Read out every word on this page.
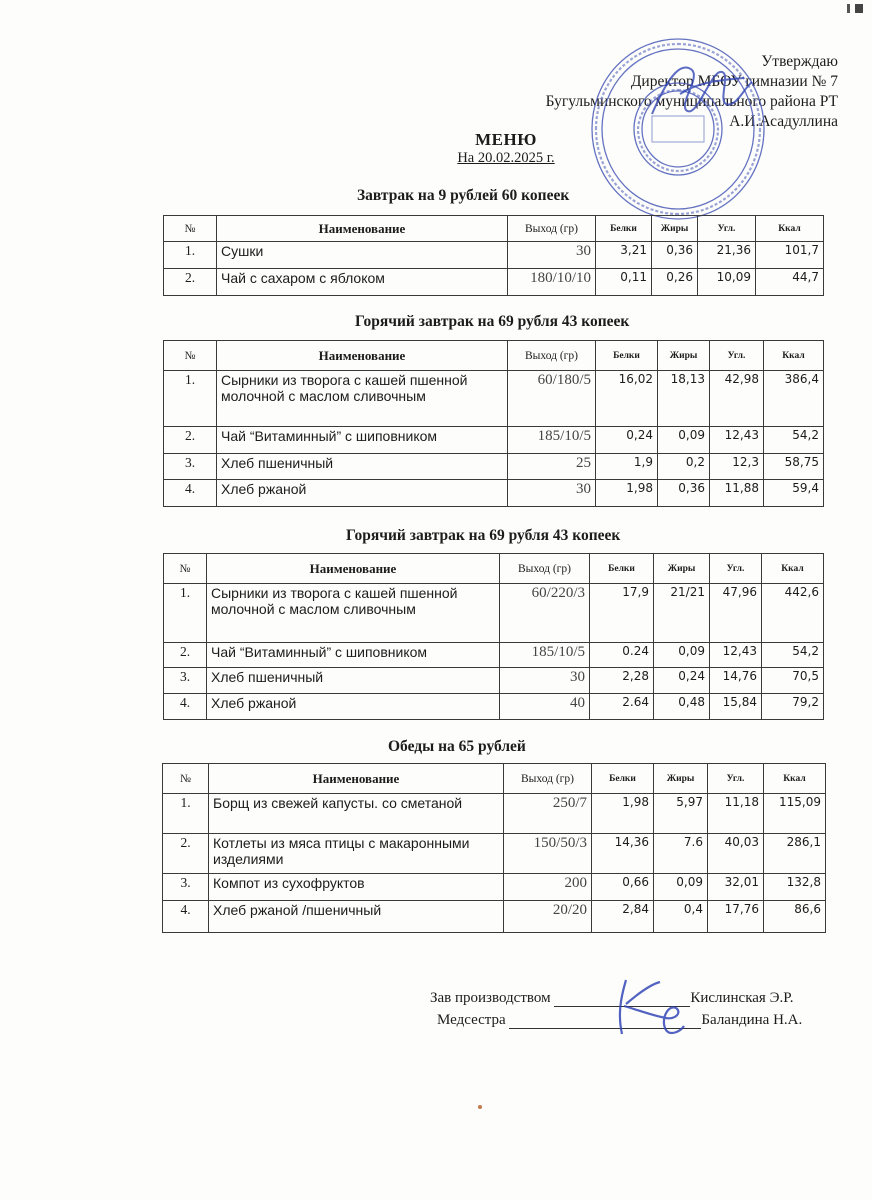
Утверждаю
Директор МБОУ гимназии № 7
Бугульминского муниципального района РТ
А.И.Асадуллина
МЕНЮ
На 20.02.2025 г.
Завтрак на 9 рублей 60 копеек
№	Наименование	Выход (гр)	Белки	Жиры	Угл.	Ккал
1.	Сушки	30	3,21	0,36	21,36	101,7
2.	Чай с сахаром с яблоком	180/10/10	0,11	0,26	10,09	44,7
Горячий завтрак на 69 рубля 43 копеек
№	Наименование	Выход (гр)	Белки	Жиры	Угл.	Ккал
1.	Сырники из творога с кашей пшенной молочной с маслом сливочным	60/180/5	16,02	18,13	42,98	386,4
2.	Чай “Витаминный” с шиповником	185/10/5	0,24	0,09	12,43	54,2
3.	Хлеб пшеничный	25	1,9	0,2	12,3	58,75
4.	Хлеб ржаной	30	1,98	0,36	11,88	59,4
Горячий завтрак на 69 рубля 43 копеек
№	Наименование	Выход (гр)	Белки	Жиры	Угл.	Ккал
1.	Сырники из творога с кашей пшенной молочной с маслом сливочным	60/220/3	17,9	21/21	47,96	442,6
2.	Чай “Витаминный” с шиповником	185/10/5	0.24	0,09	12,43	54,2
3.	Хлеб пшеничный	30	2,28	0,24	14,76	70,5
4.	Хлеб ржаной	40	2.64	0,48	15,84	79,2
Обеды на 65 рублей
№	Наименование	Выход (гр)	Белки	Жиры	Угл.	Ккал
1.	Борщ из свежей капусты. со сметаной	250/7	1,98	5,97	11,18	115,09
2.	Котлеты из мяса птицы с макаронными изделиями	150/50/3	14,36	7.6	40,03	286,1
3.	Компот из сухофруктов	200	0,66	0,09	32,01	132,8
4.	Хлеб ржаной /пшеничный	20/20	2,84	0,4	17,76	86,6
Зав производством	Кислинская Э.Р.
Медсестра	Баландина Н.А.
